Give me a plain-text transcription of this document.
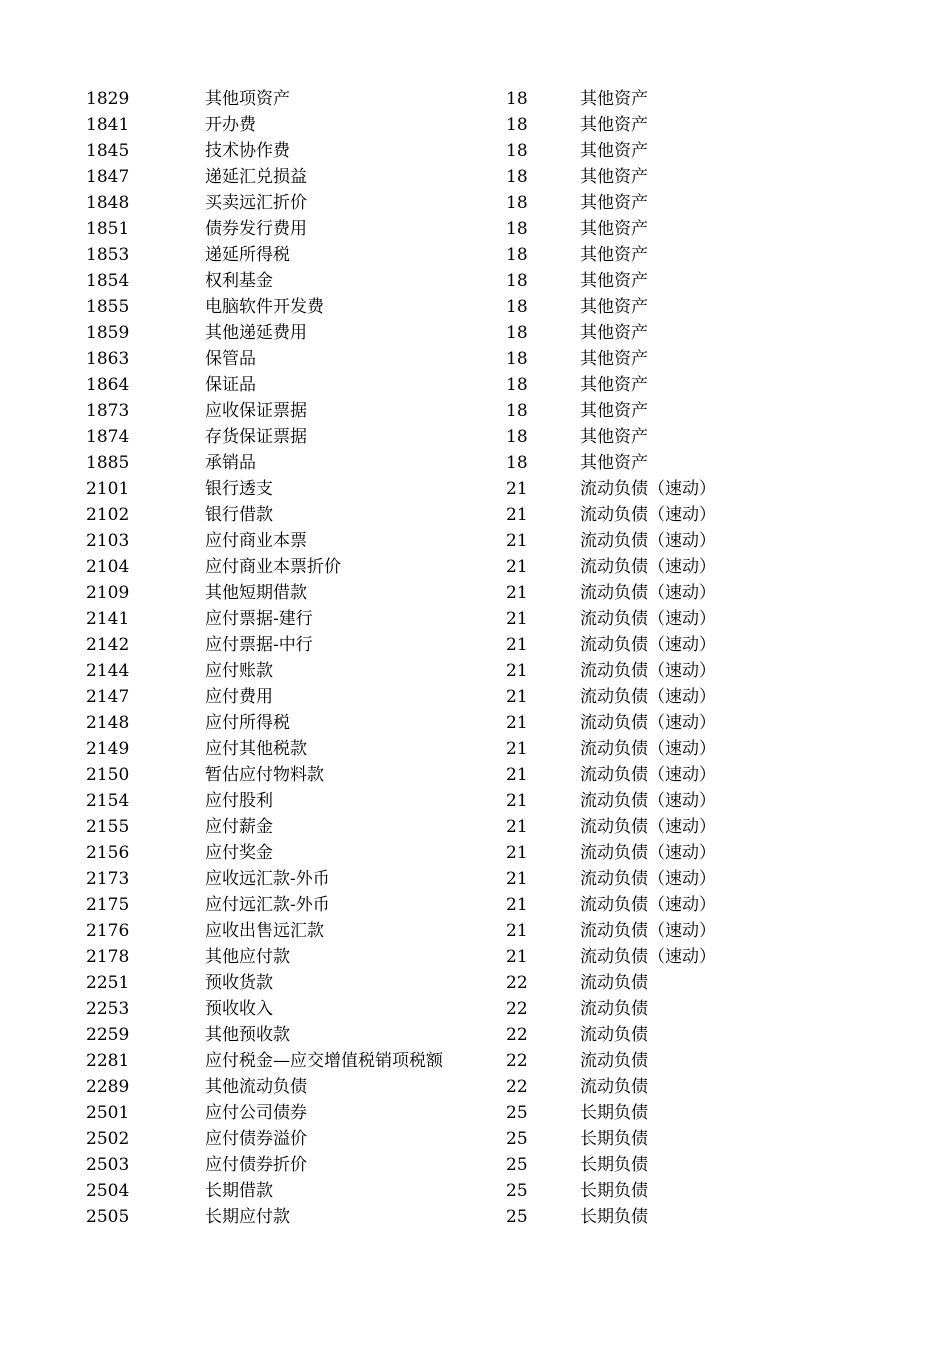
1829	其他项资产	18	其他资产
1841	开办费	18	其他资产
1845	技术协作费	18	其他资产
1847	递延汇兑损益	18	其他资产
1848	买卖远汇折价	18	其他资产
1851	债券发行费用	18	其他资产
1853	递延所得税	18	其他资产
1854	权利基金	18	其他资产
1855	电脑软件开发费	18	其他资产
1859	其他递延费用	18	其他资产
1863	保管品	18	其他资产
1864	保证品	18	其他资产
1873	应收保证票据	18	其他资产
1874	存货保证票据	18	其他资产
1885	承销品	18	其他资产
2101	银行透支	21	流动负债（速动）
2102	银行借款	21	流动负债（速动）
2103	应付商业本票	21	流动负债（速动）
2104	应付商业本票折价	21	流动负债（速动）
2109	其他短期借款	21	流动负债（速动）
2141	应付票据-建行	21	流动负债（速动）
2142	应付票据-中行	21	流动负债（速动）
2144	应付账款	21	流动负债（速动）
2147	应付费用	21	流动负债（速动）
2148	应付所得税	21	流动负债（速动）
2149	应付其他税款	21	流动负债（速动）
2150	暂估应付物料款	21	流动负债（速动）
2154	应付股利	21	流动负债（速动）
2155	应付薪金	21	流动负债（速动）
2156	应付奖金	21	流动负债（速动）
2173	应收远汇款-外币	21	流动负债（速动）
2175	应付远汇款-外币	21	流动负债（速动）
2176	应收出售远汇款	21	流动负债（速动）
2178	其他应付款	21	流动负债（速动）
2251	预收货款	22	流动负债
2253	预收收入	22	流动负债
2259	其他预收款	22	流动负债
2281	应付税金—应交增值税销项税额	22	流动负债
2289	其他流动负债	22	流动负债
2501	应付公司债券	25	长期负债
2502	应付债券溢价	25	长期负债
2503	应付债券折价	25	长期负债
2504	长期借款	25	长期负债
2505	长期应付款	25	长期负债
